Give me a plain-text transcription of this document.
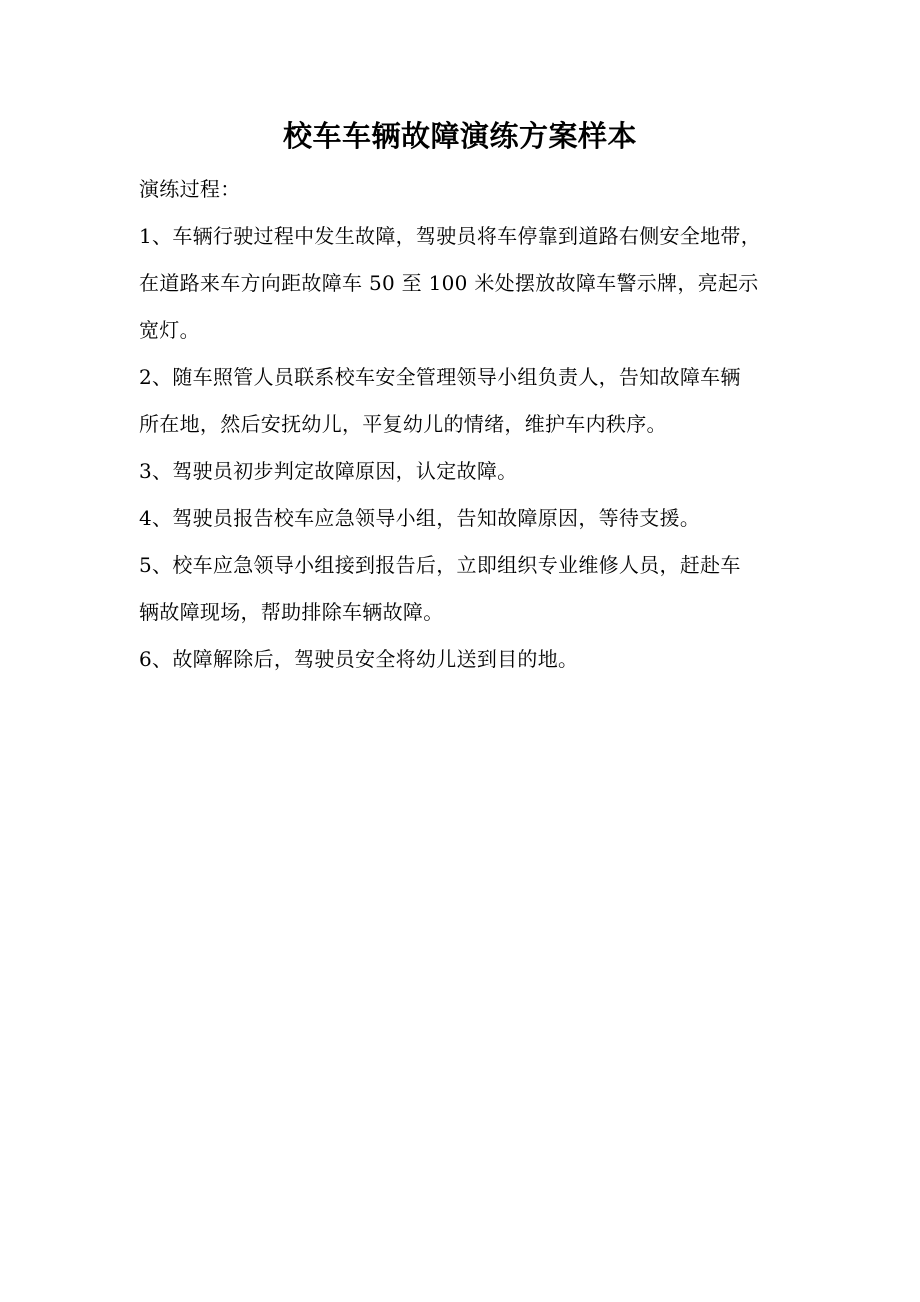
校车车辆故障演练方案样本
演练过程：
1、车辆行驶过程中发生故障，驾驶员将车停靠到道路右侧安全地带，
在道路来车方向距故障车 50 至 100 米处摆放故障车警示牌，亮起示
宽灯。
2、随车照管人员联系校车安全管理领导小组负责人，告知故障车辆
所在地，然后安抚幼儿，平复幼儿的情绪，维护车内秩序。
3、驾驶员初步判定故障原因，认定故障。
4、驾驶员报告校车应急领导小组，告知故障原因，等待支援。
5、校车应急领导小组接到报告后，立即组织专业维修人员，赶赴车
辆故障现场，帮助排除车辆故障。
6、故障解除后，驾驶员安全将幼儿送到目的地。
